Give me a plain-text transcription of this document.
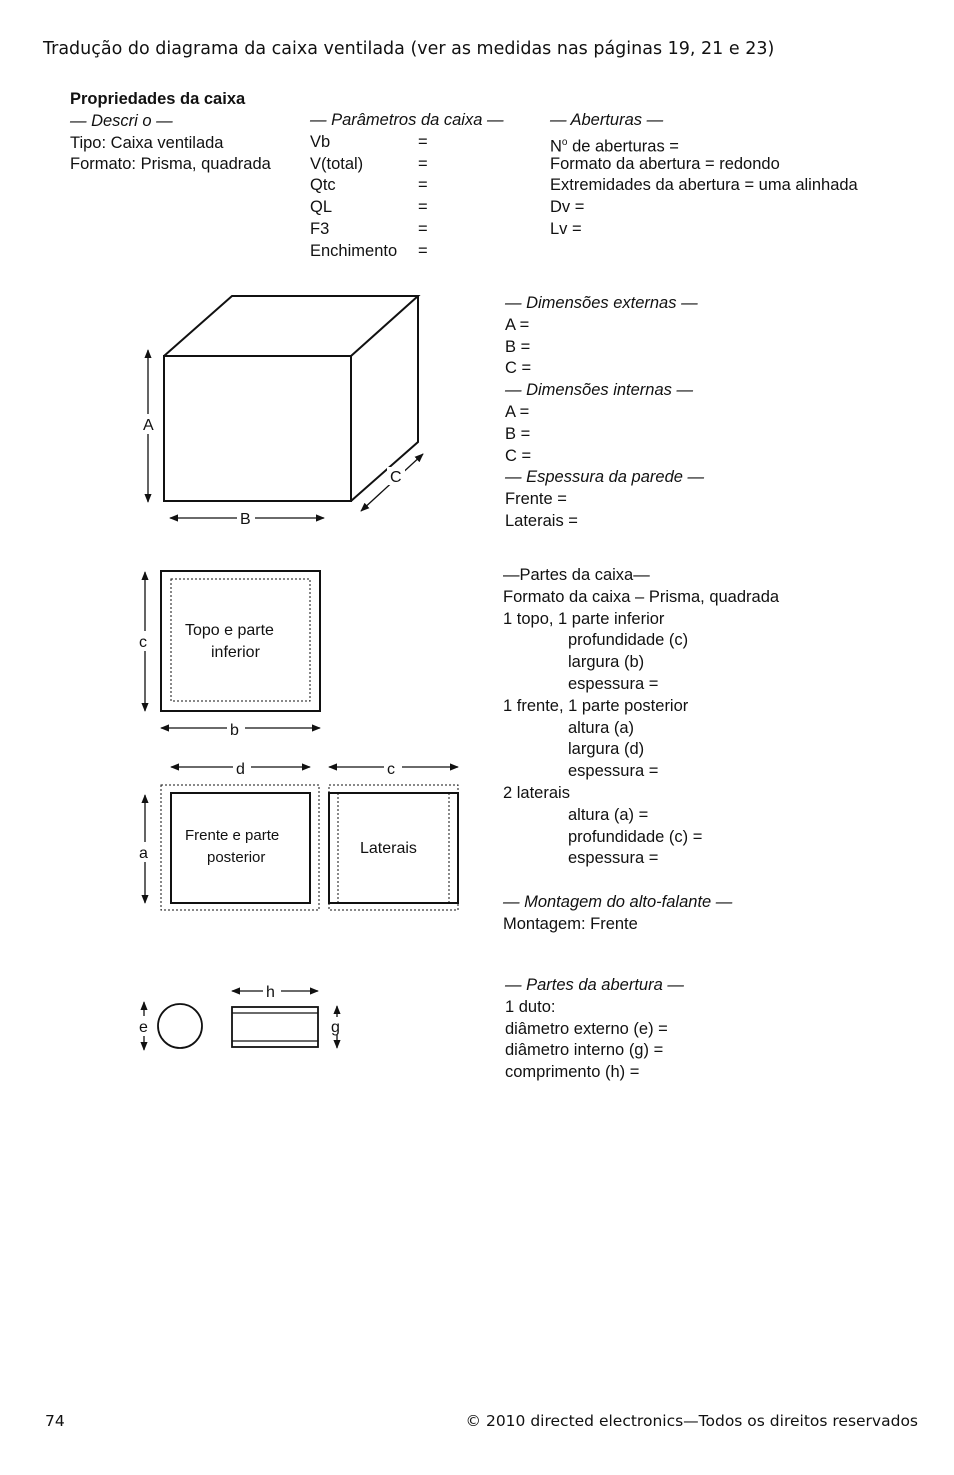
Tradução do diagrama da caixa ventilada (ver as medidas nas páginas 19, 21 e 23)
Propriedades da caixa
— Descri o —
Tipo: Caixa ventilada
Formato: Prisma, quadrada
— Parâmetros da caixa —
Vb	=
V(total)	=
Qtc	=
QL	=
F3	=
Enchimento	=
— Aberturas —
$N^o$ de aberturas =
Formato da abertura = redondo
Extremidades da abertura = uma alinhada
Dv =
Lv =
— Dimensões externas —
A =
B =
C =
— Dimensões internas —
A =
B =
C =
— Espessura da parede —
Frente =
Laterais =
—Partes da caixa—
Formato da caixa – Prisma, quadrada
1 topo, 1 parte inferior
profundidade (c)
largura (b)
espessura =
1 frente, 1 parte posterior
altura (a)
largura (d)
espessura =
2 laterais
altura (a) =
profundidade (c) =
espessura =
— Montagem do alto-falante —
Montagem: Frente
— Partes da abertura —
1 duto:
diâmetro externo (e) =
diâmetro interno (g) =
comprimento (h) =
A
B
C
Topo e parte
inferior
c
b
Frente e parte
posterior
d
a	Laterais
c
e
h
g
74	© 2010 directed electronics—Todos os direitos reservados
